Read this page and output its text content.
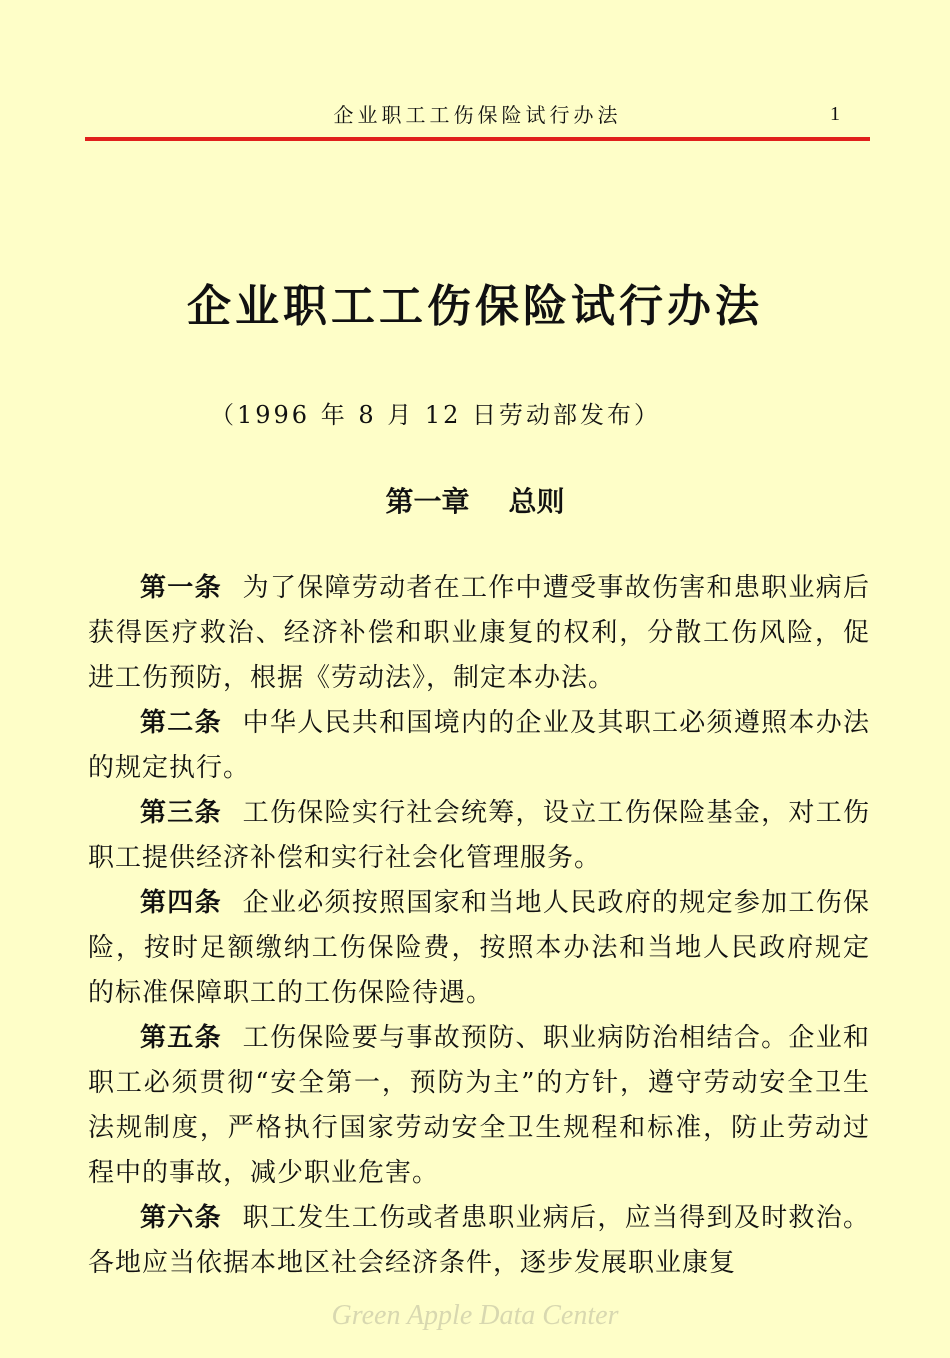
企业职工工伤保险试行办法	1
企业职工工伤保险试行办法
（1996 年 8 月 12 日劳动部发布）
第一章    总则

第一条 为了保障劳动者在工作中遭受事故伤害和患职业病后获得医疗救治、经济补偿和职业康复的权利，分散工伤风险，促进工伤预防，根据《劳动法》，制定本办法。

第二条 中华人民共和国境内的企业及其职工必须遵照本办法的规定执行。

第三条 工伤保险实行社会统筹，设立工伤保险基金，对工伤职工提供经济补偿和实行社会化管理服务。

第四条 企业必须按照国家和当地人民政府的规定参加工伤保险，按时足额缴纳工伤保险费，按照本办法和当地人民政府规定的标准保障职工的工伤保险待遇。

第五条 工伤保险要与事故预防、职业病防治相结合。企业和职工必须贯彻“安全第一，预防为主”的方针，遵守劳动安全卫生法规制度，严格执行国家劳动安全卫生规程和标准，防止劳动过程中的事故，减少职业危害。

第六条 职工发生工伤或者患职业病后，应当得到及时救治。各地应当依据本地区社会经济条件，逐步发展职业康复

Green Apple Data Center
